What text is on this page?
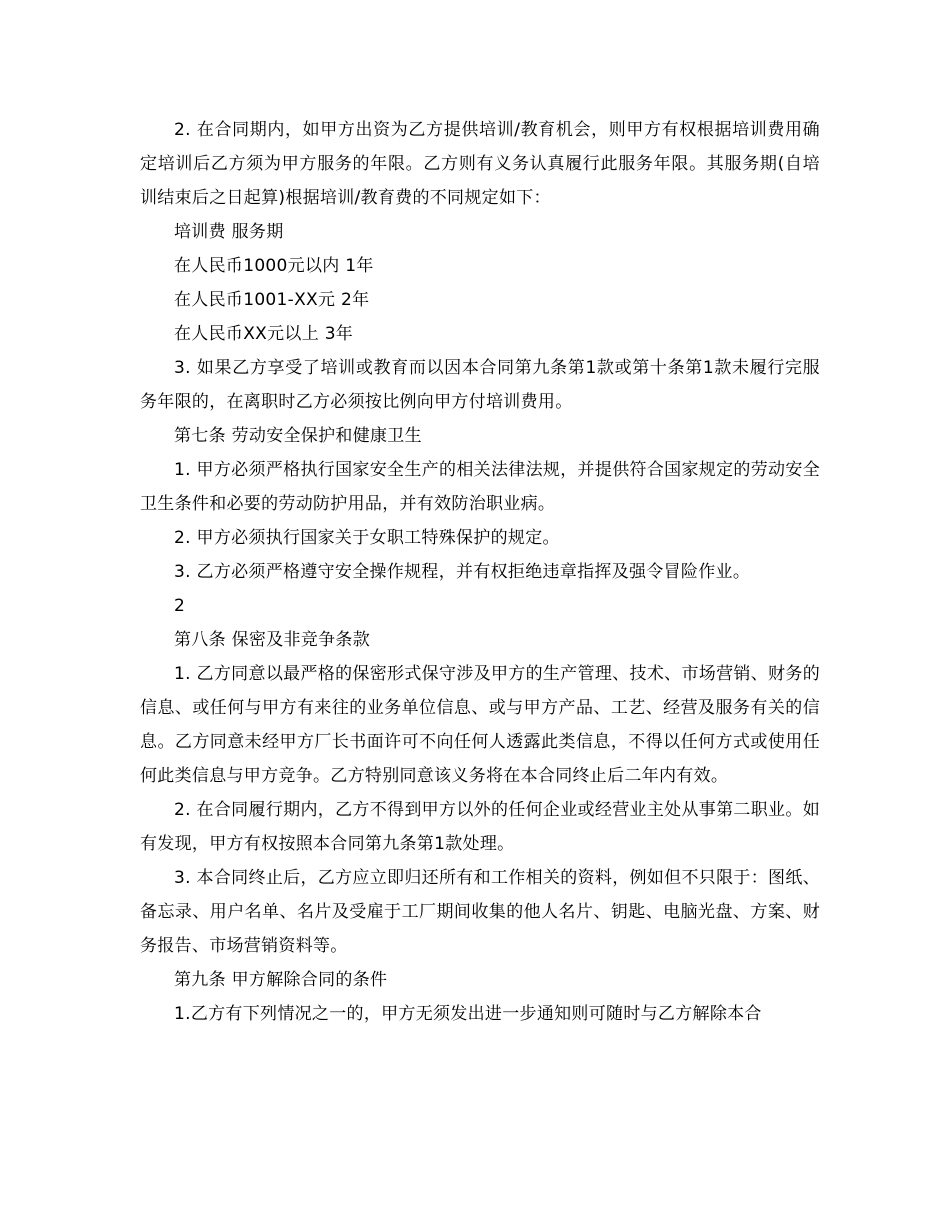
2. 在合同期内，如甲方出资为乙方提供培训/教育机会，则甲方有权根据培训费用确定培训后乙方须为甲方服务的年限。乙方则有义务认真履行此服务年限。其服务期(自培训结束后之日起算)根据培训/教育费的不同规定如下：

培训费 服务期

在人民币1000元以内 1年

在人民币1001-XX元 2年

在人民币XX元以上 3年

3. 如果乙方享受了培训或教育而以因本合同第九条第1款或第十条第1款未履行完服务年限的，在离职时乙方必须按比例向甲方付培训费用。

第七条 劳动安全保护和健康卫生

1. 甲方必须严格执行国家安全生产的相关法律法规，并提供符合国家规定的劳动安全卫生条件和必要的劳动防护用品，并有效防治职业病。

2. 甲方必须执行国家关于女职工特殊保护的规定。

3. 乙方必须严格遵守安全操作规程，并有权拒绝违章指挥及强令冒险作业。

2

第八条 保密及非竞争条款

1. 乙方同意以最严格的保密形式保守涉及甲方的生产管理、技术、市场营销、财务的信息、或任何与甲方有来往的业务单位信息、或与甲方产品、工艺、经营及服务有关的信息。乙方同意未经甲方厂长书面许可不向任何人透露此类信息，不得以任何方式或使用任何此类信息与甲方竞争。乙方特别同意该义务将在本合同终止后二年内有效。

2. 在合同履行期内，乙方不得到甲方以外的任何企业或经营业主处从事第二职业。如有发现，甲方有权按照本合同第九条第1款处理。

3. 本合同终止后，乙方应立即归还所有和工作相关的资料，例如但不只限于：图纸、备忘录、用户名单、名片及受雇于工厂期间收集的他人名片、钥匙、电脑光盘、方案、财务报告、市场营销资料等。

第九条 甲方解除合同的条件

1.乙方有下列情况之一的，甲方无须发出进一步通知则可随时与乙方解除本合
